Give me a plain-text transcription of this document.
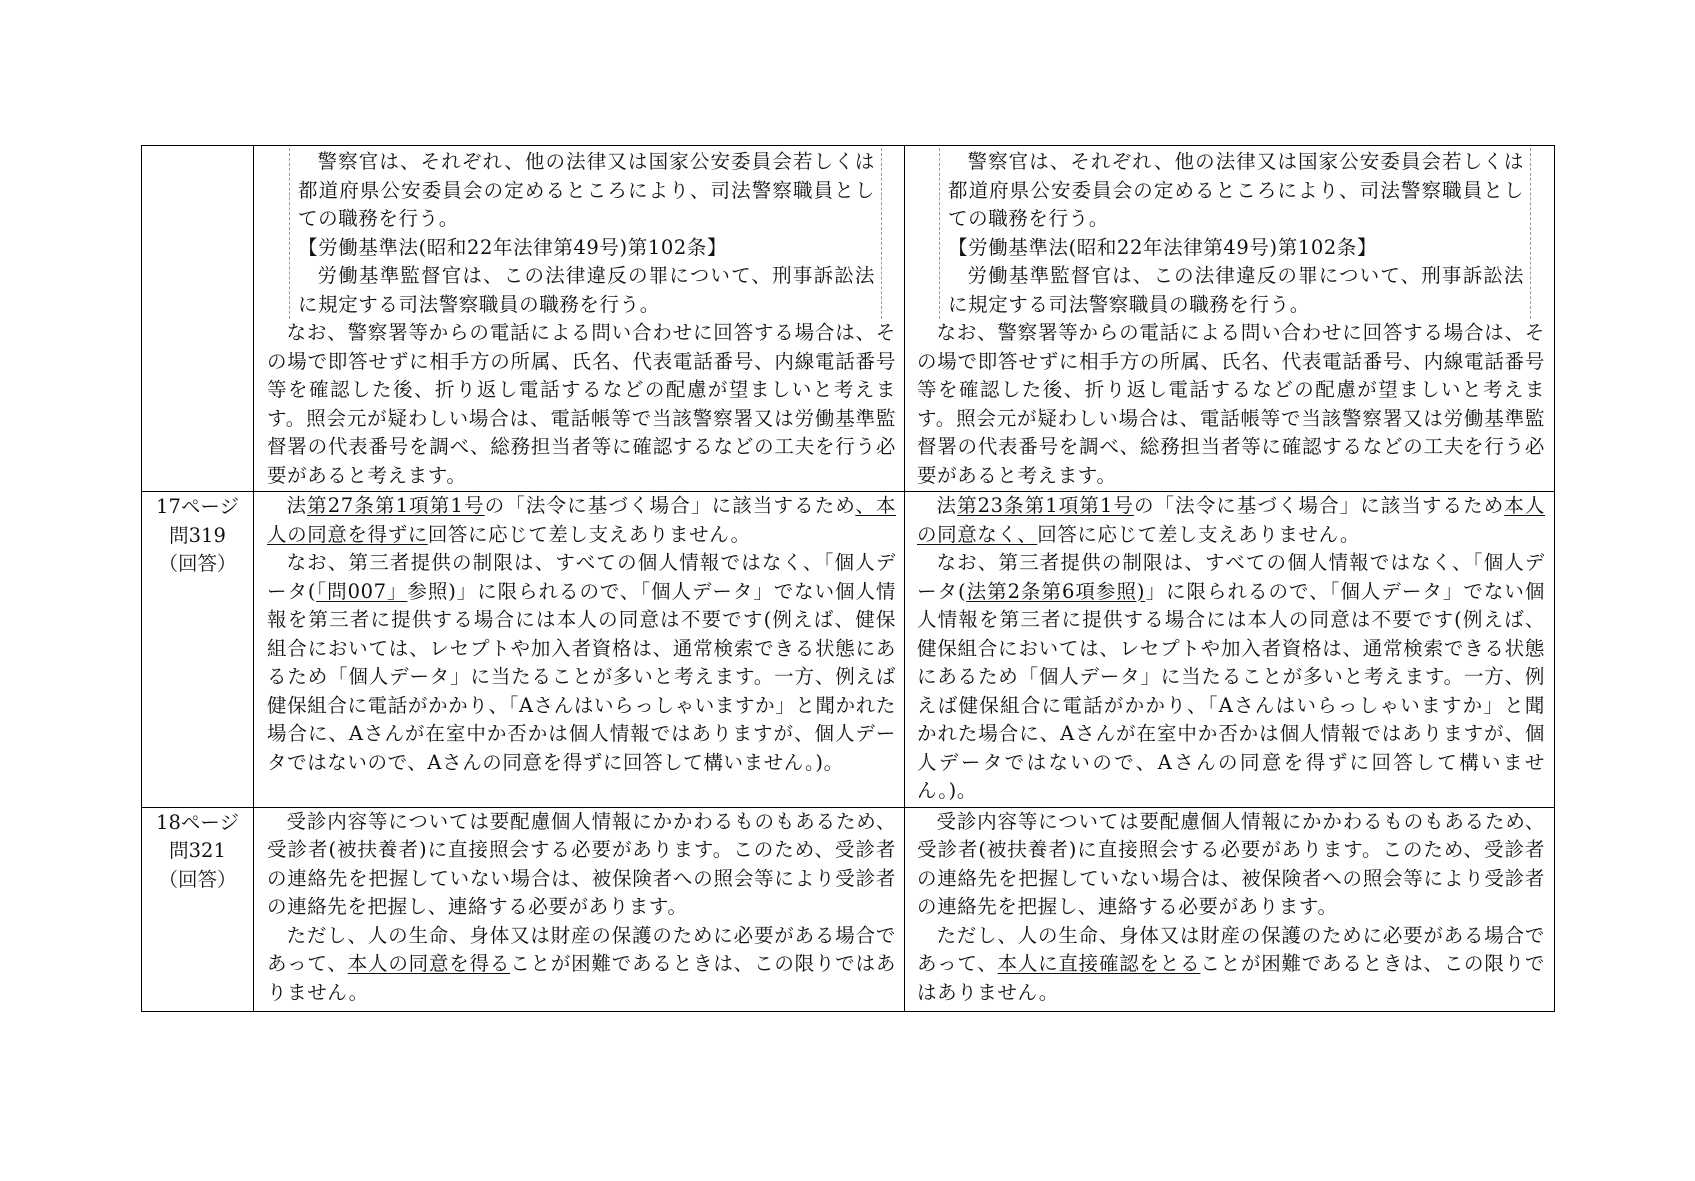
警察官は、それぞれ、他の法律又は国家公安委員会若しくは都道府県公安委員会の定めるところにより、司法警察職員としての職務を行う。

【労働基準法(昭和22年法律第49号)第102条】

労働基準監督官は、この法律違反の罪について、刑事訴訟法に規定する司法警察職員の職務を行う。

なお、警察署等からの電話による問い合わせに回答する場合は、その場で即答せずに相手方の所属、氏名、代表電話番号、内線電話番号等を確認した後、折り返し電話するなどの配慮が望ましいと考えます。照会元が疑わしい場合は、電話帳等で当該警察署又は労働基準監督署の代表番号を調べ、総務担当者等に確認するなどの工夫を行う必要があると考えます。

警察官は、それぞれ、他の法律又は国家公安委員会若しくは都道府県公安委員会の定めるところにより、司法警察職員としての職務を行う。

【労働基準法(昭和22年法律第49号)第102条】

労働基準監督官は、この法律違反の罪について、刑事訴訟法に規定する司法警察職員の職務を行う。

なお、警察署等からの電話による問い合わせに回答する場合は、その場で即答せずに相手方の所属、氏名、代表電話番号、内線電話番号等を確認した後、折り返し電話するなどの配慮が望ましいと考えます。照会元が疑わしい場合は、電話帳等で当該警察署又は労働基準監督署の代表番号を調べ、総務担当者等に確認するなどの工夫を行う必要があると考えます。

17ページ
問319
（回答）

法第27条第1項第1号の「法令に基づく場合」に該当するため、本人の同意を得ずに回答に応じて差し支えありません。

なお、第三者提供の制限は、すべての個人情報ではなく、「個人データ(「問007」参照)」に限られるので、「個人データ」でない個人情報を第三者に提供する場合には本人の同意は不要です(例えば、健保組合においては、レセプトや加入者資格は、通常検索できる状態にあるため「個人データ」に当たることが多いと考えます。一方、例えば健保組合に電話がかかり、「Aさんはいらっしゃいますか」と聞かれた場合に、Aさんが在室中か否かは個人情報ではありますが、個人データではないので、Aさんの同意を得ずに回答して構いません。)。

法第23条第1項第1号の「法令に基づく場合」に該当するため本人の同意なく、回答に応じて差し支えありません。

なお、第三者提供の制限は、すべての個人情報ではなく、「個人データ(法第2条第6項参照)」に限られるので、「個人データ」でない個人情報を第三者に提供する場合には本人の同意は不要です(例えば、健保組合においては、レセプトや加入者資格は、通常検索できる状態にあるため「個人データ」に当たることが多いと考えます。一方、例えば健保組合に電話がかかり、「Aさんはいらっしゃいますか」と聞かれた場合に、Aさんが在室中か否かは個人情報ではありますが、個人データではないので、Aさんの同意を得ずに回答して構いません。)。

18ページ
問321
（回答）

受診内容等については要配慮個人情報にかかわるものもあるため、受診者(被扶養者)に直接照会する必要があります。このため、受診者の連絡先を把握していない場合は、被保険者への照会等により受診者の連絡先を把握し、連絡する必要があります。

ただし、人の生命、身体又は財産の保護のために必要がある場合であって、本人の同意を得ることが困難であるときは、この限りではありません。

受診内容等については要配慮個人情報にかかわるものもあるため、受診者(被扶養者)に直接照会する必要があります。このため、受診者の連絡先を把握していない場合は、被保険者への照会等により受診者の連絡先を把握し、連絡する必要があります。

ただし、人の生命、身体又は財産の保護のために必要がある場合であって、本人に直接確認をとることが困難であるときは、この限りではありません。
